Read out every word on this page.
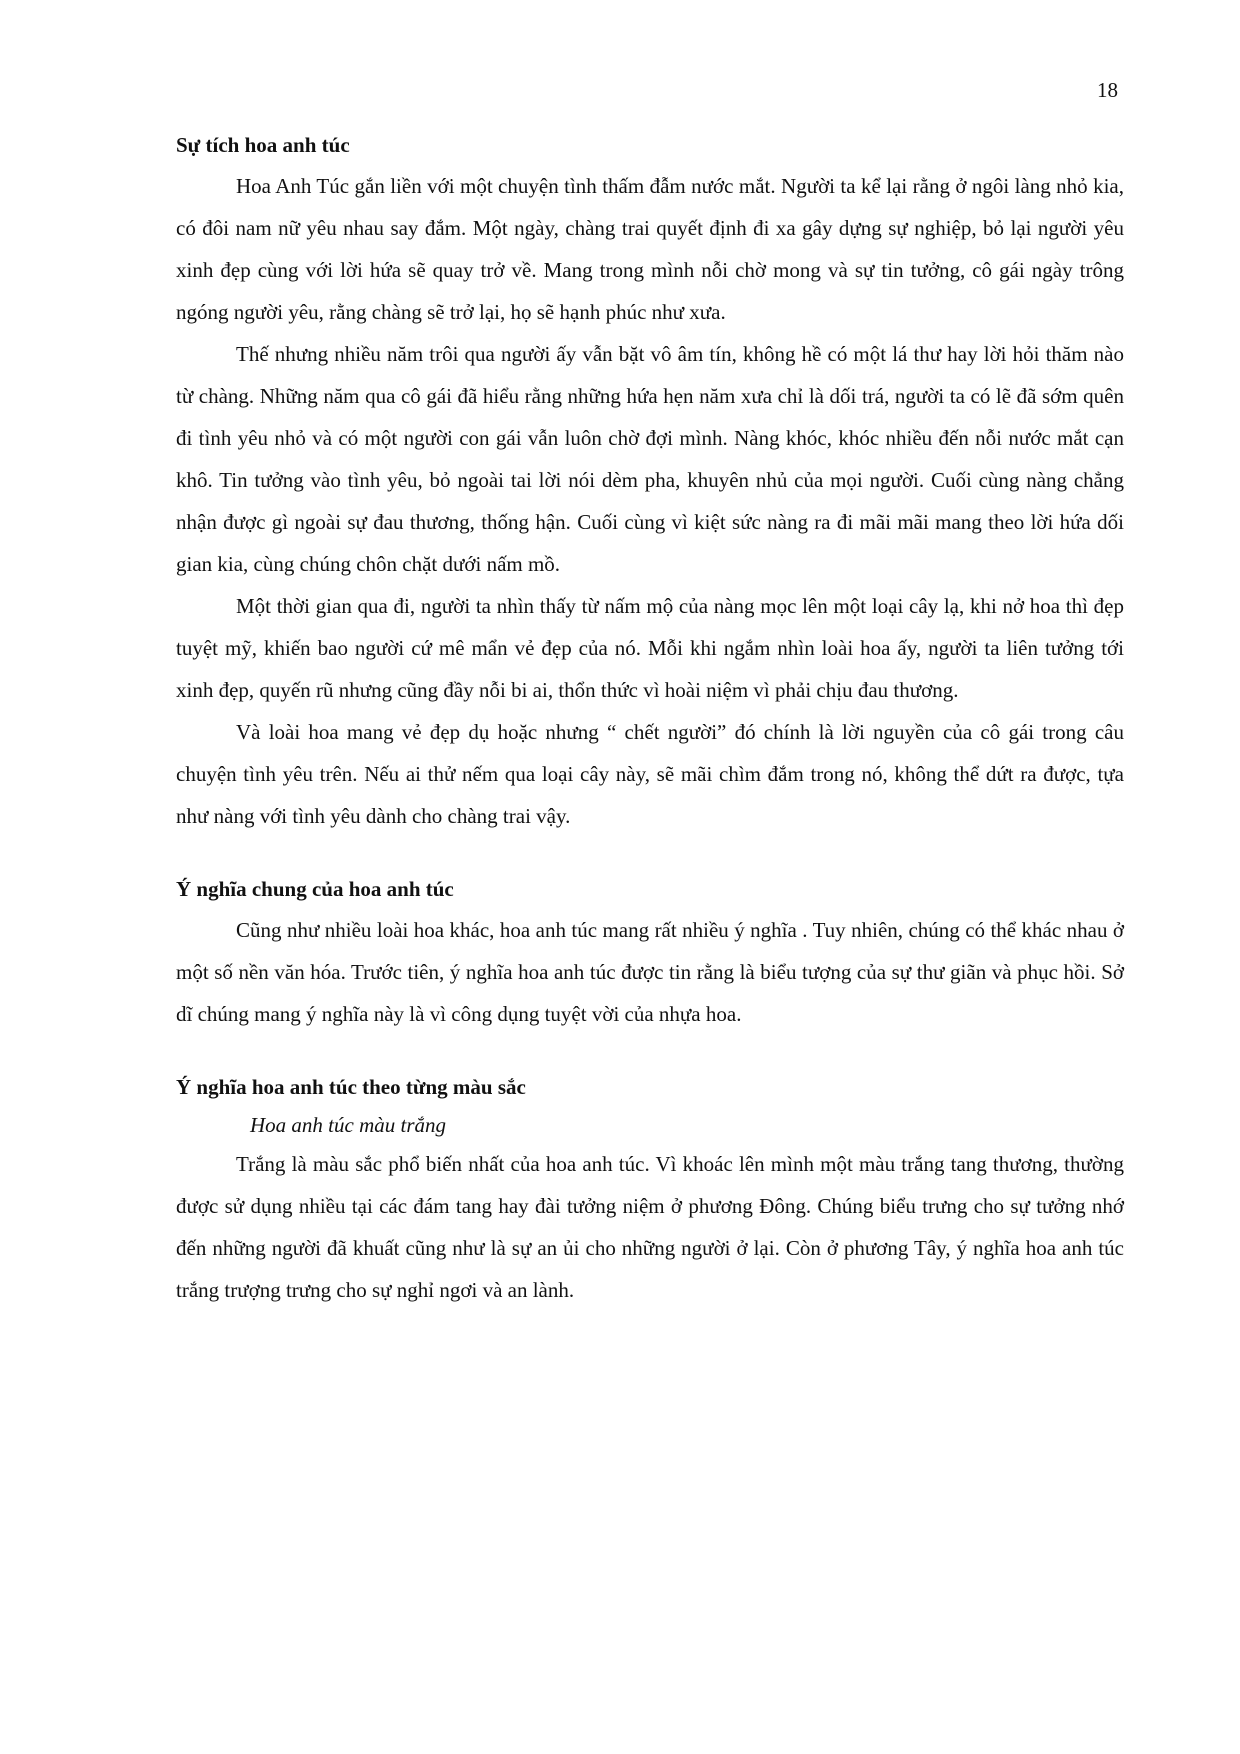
18
Sự tích hoa anh túc

Hoa Anh Túc gắn liền với một chuyện tình thấm đẫm nước mắt. Người ta kể lại rằng ở ngôi làng nhỏ kia, có đôi nam nữ yêu nhau say đắm. Một ngày, chàng trai quyết định đi xa gây dựng sự nghiệp, bỏ lại người yêu xinh đẹp cùng với lời hứa sẽ quay trở về. Mang trong mình nỗi chờ mong và sự tin tưởng, cô gái ngày trông ngóng người yêu, rằng chàng sẽ trở lại, họ sẽ hạnh phúc như xưa.

Thế nhưng nhiều năm trôi qua người ấy vẫn bặt vô âm tín, không hề có một lá thư hay lời hỏi thăm nào từ chàng. Những năm qua cô gái đã hiểu rằng những hứa hẹn năm xưa chỉ là dối trá, người ta có lẽ đã sớm quên đi tình yêu nhỏ và có một người con gái vẫn luôn chờ đợi mình. Nàng khóc, khóc nhiều đến nỗi nước mắt cạn khô. Tin tưởng vào tình yêu, bỏ ngoài tai lời nói dèm pha, khuyên nhủ của mọi người. Cuối cùng nàng chẳng nhận được gì ngoài sự đau thương, thống hận. Cuối cùng vì kiệt sức nàng ra đi mãi mãi mang theo lời hứa dối gian kia, cùng chúng chôn chặt dưới nấm mồ.

Một thời gian qua đi, người ta nhìn thấy từ nấm mộ của nàng mọc lên một loại cây lạ, khi nở hoa thì đẹp tuyệt mỹ, khiến bao người cứ mê mẩn vẻ đẹp của nó. Mỗi khi ngắm nhìn loài hoa ấy, người ta liên tưởng tới xinh đẹp, quyến rũ nhưng cũng đầy nỗi bi ai, thổn thức vì hoài niệm vì phải chịu đau thương.

Và loài hoa mang vẻ đẹp dụ hoặc nhưng “ chết người” đó chính là lời nguyền của cô gái trong câu chuyện tình yêu trên. Nếu ai thử nếm qua loại cây này, sẽ mãi chìm đắm trong nó, không thể dứt ra được, tựa như nàng với tình yêu dành cho chàng trai vậy.

Ý nghĩa chung của hoa anh túc

Cũng như nhiều loài hoa khác, hoa anh túc mang rất nhiều ý nghĩa . Tuy nhiên, chúng có thể khác nhau ở một số nền văn hóa. Trước tiên, ý nghĩa hoa anh túc được tin rằng là biểu tượng của sự thư giãn và phục hồi. Sở dĩ chúng mang ý nghĩa này là vì công dụng tuyệt vời của nhựa hoa.

Ý nghĩa hoa anh túc theo từng màu sắc

Hoa anh túc màu trắng

Trắng là màu sắc phổ biến nhất của hoa anh túc. Vì khoác lên mình một màu trắng tang thương, thường được sử dụng nhiều tại các đám tang hay đài tưởng niệm ở phương Đông. Chúng biểu trưng cho sự tưởng nhớ đến những người đã khuất cũng như là sự an ủi cho những người ở lại. Còn ở phương Tây, ý nghĩa hoa anh túc trắng trượng trưng cho sự nghỉ ngơi và an lành.
